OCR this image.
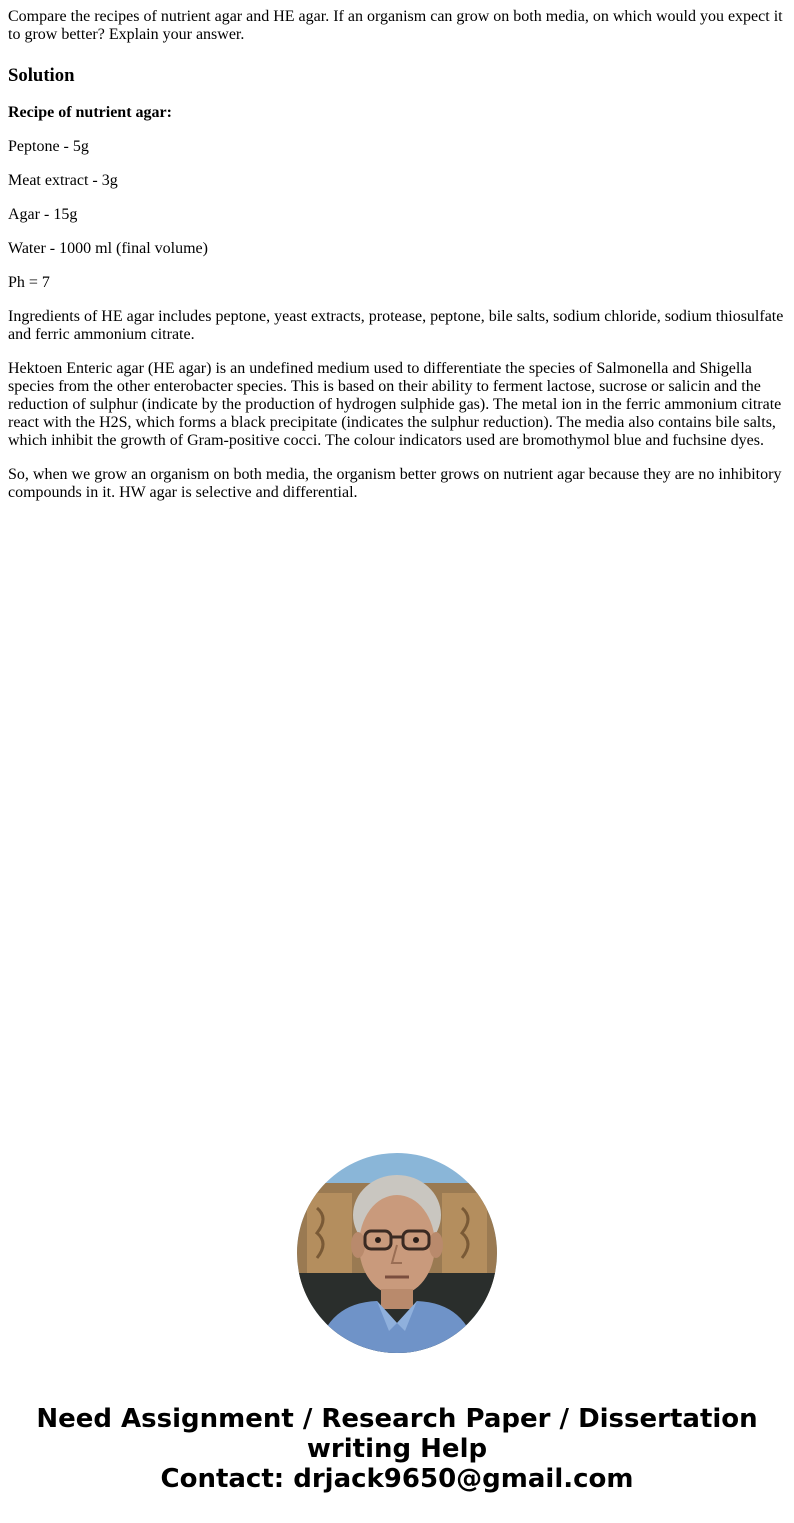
Compare the recipes of nutrient agar and HE agar. If an organism can grow on both media, on which would you expect it to grow better? Explain your answer.
Solution

Recipe of nutrient agar:

Peptone - 5g

Meat extract - 3g

Agar - 15g

Water - 1000 ml (final volume)

Ph = 7

Ingredients of HE agar includes peptone, yeast extracts, protease, peptone, bile salts, sodium chloride, sodium thiosulfate and ferric ammonium citrate.

Hektoen Enteric agar (HE agar) is an undefined medium used to differentiate the species of Salmonella and Shigella species from the other enterobacter species. This is based on their ability to ferment lactose, sucrose or salicin and the reduction of sulphur (indicate by the production of hydrogen sulphide gas). The metal ion in the ferric ammonium citrate react with the H2S, which forms a black precipitate (indicates the sulphur reduction). The media also contains bile salts, which inhibit the growth of Gram-positive cocci. The colour indicators used are bromothymol blue and fuchsine dyes.

So, when we grow an organism on both media, the organism better grows on nutrient agar because they are no inhibitory compounds in it. HW agar is selective and differential.

Need Assignment / Research Paper / Dissertation
writing Help
Contact: drjack9650@gmail.com
